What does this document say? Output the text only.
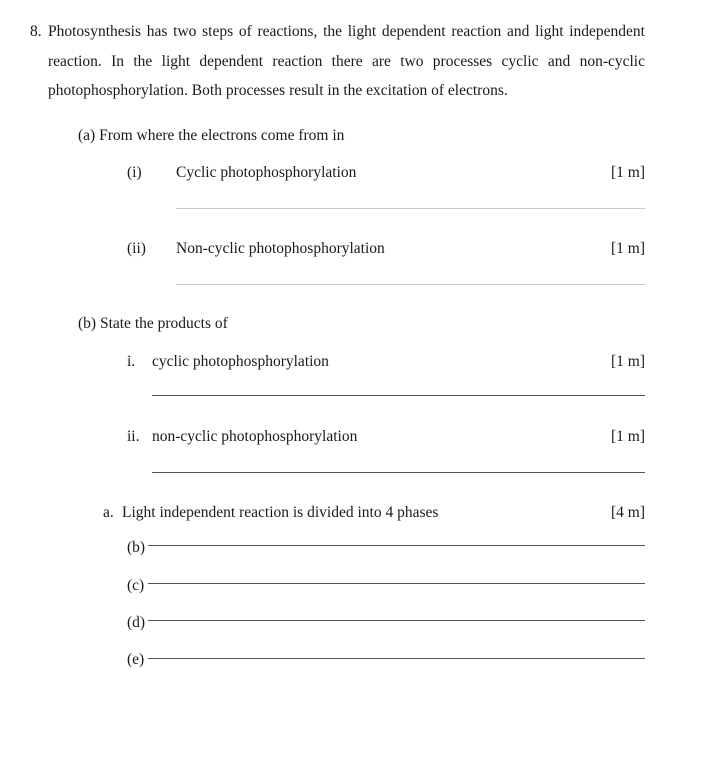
8. Photosynthesis has two steps of reactions, the light dependent reaction and light independent reaction. In the light dependent reaction there are two processes cyclic and non-cyclic photophosphorylation. Both processes result in the excitation of electrons.
(a) From where the electrons come from in
(i) Cyclic photophosphorylation	[1 m]
(ii) Non-cyclic photophosphorylation	[1 m]
(b) State the products of
i. cyclic photophosphorylation	[1 m]
ii. non-cyclic photophosphorylation	[1 m]
a. Light independent reaction is divided into 4 phases	[4 m]
(b)
(c)
(d)
(e)
